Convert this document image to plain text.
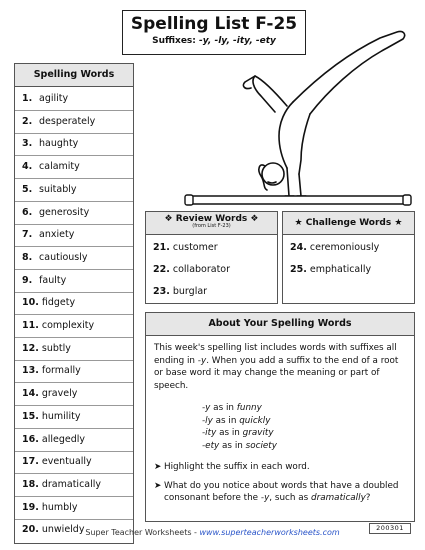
Spelling List F-25
Suffixes: -y, -ly, -ity, -ety
Spelling Words
1. agility
2. desperately
3. haughty
4. calamity
5. suitably
6. generosity
7. anxiety
8. cautiously
9. faulty
10. fidgety
11. complexity
12. subtly
13. formally
14. gravely
15. humility
16. allegedly
17. eventually
18. dramatically
19. humbly
20. unwieldy
❖ Review Words ❖
(from List F-23)
21. customer
22. collaborator
23. burglar
★ Challenge Words ★
24. ceremoniously
25. emphatically
About Your Spelling Words

This week's spelling list includes words with suffixes all ending in -y. When you add a suffix to the end of a root or base word it may change the meaning or part of speech.

-y as in funny
-ly as in quickly
-ity as in gravity
-ety as in society
➤ Highlight the suffix in each word.
➤ What do you notice about words that have a doubled consonant before the -y, such as dramatically?
200301
Super Teacher Worksheets - www.superteacherworksheets.com
